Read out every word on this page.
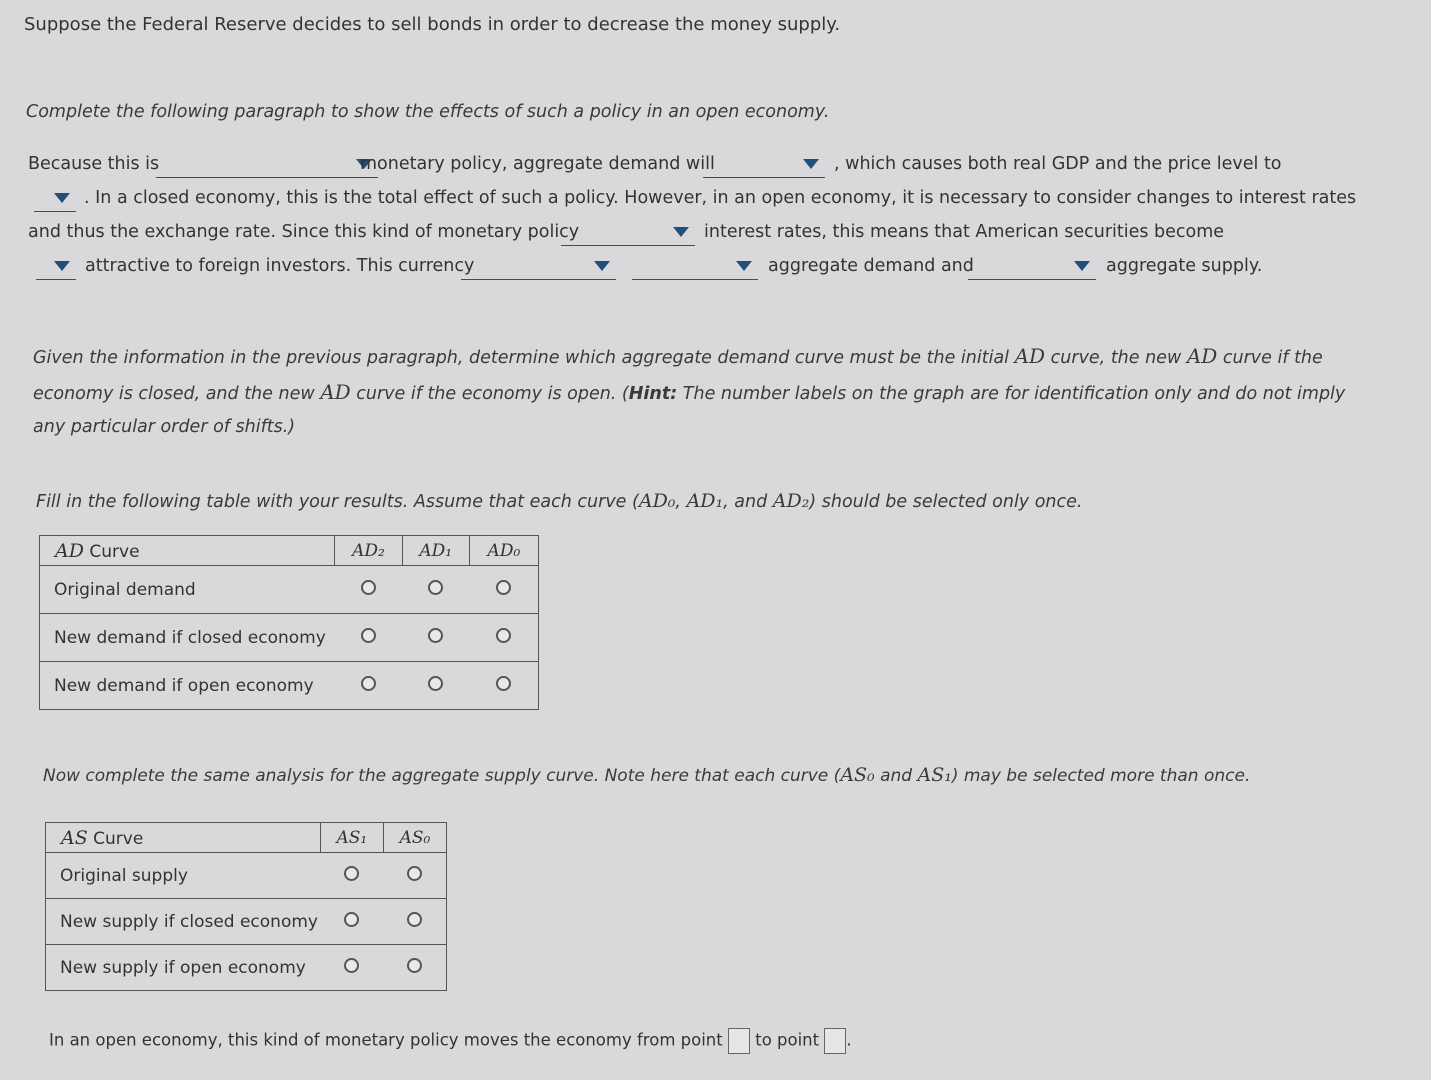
Suppose the Federal Reserve decides to sell bonds in order to decrease the money supply.
Complete the following paragraph to show the effects of such a policy in an open economy.
Because this is	monetary policy, aggregate demand will	, which causes both real GDP and the price level to
. In a closed economy, this is the total effect of such a policy. However, in an open economy, it is necessary to consider changes to interest rates
and thus the exchange rate. Since this kind of monetary policy	interest rates, this means that American securities become
attractive to foreign investors. This currency	aggregate demand and	aggregate supply.
Given the information in the previous paragraph, determine which aggregate demand curve must be the initial AD curve, the new AD curve if the
economy is closed, and the new AD curve if the economy is open. (Hint: The number labels on the graph are for identification only and do not imply
any particular order of shifts.)
Fill in the following table with your results. Assume that each curve (AD₀, AD₁, and AD₂) should be selected only once.
AD Curve	AD₂	AD₁	AD₀
Original demand			
New demand if closed economy			
New demand if open economy			
Now complete the same analysis for the aggregate supply curve. Note here that each curve (AS₀ and AS₁) may be selected more than once.
AS Curve	AS₁	AS₀
Original supply		
New supply if closed economy		
New supply if open economy		
In an open economy, this kind of monetary policy moves the economy from point to point .
